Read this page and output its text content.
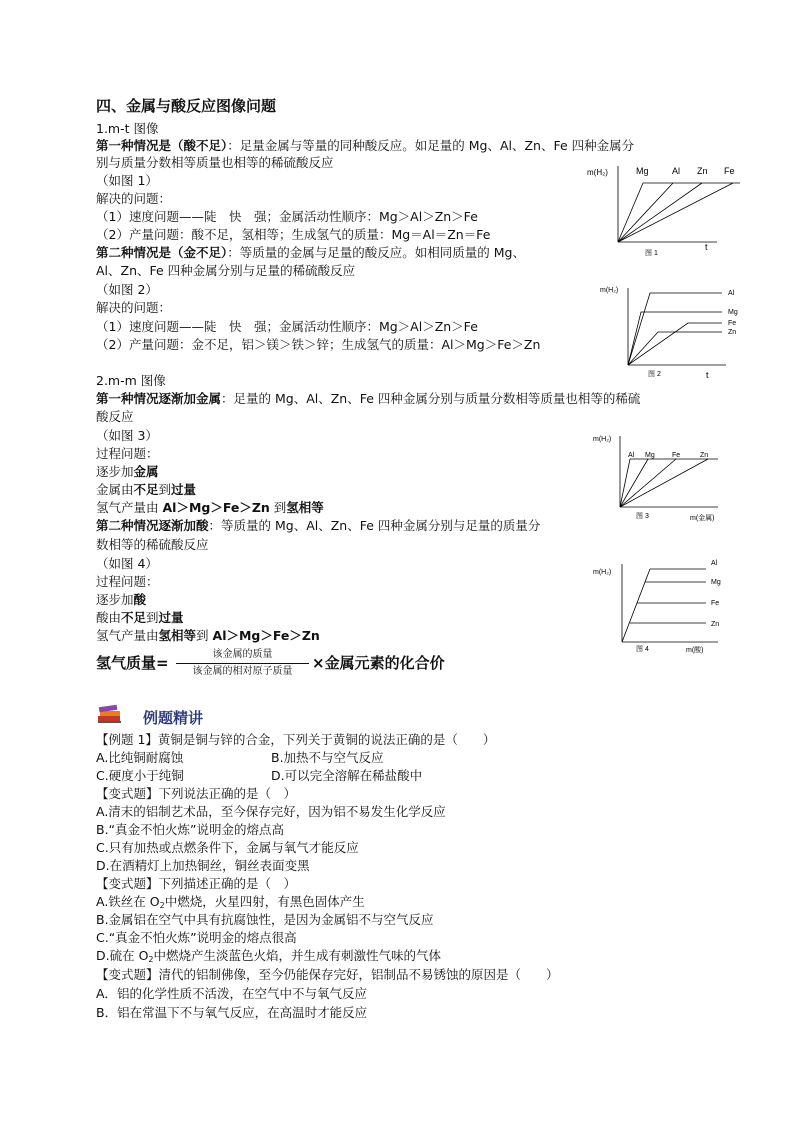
四、金属与酸反应图像问题
1.m-t 图像
第一种情况是（酸不足）：足量金属与等量的同种酸反应。如足量的 Mg、Al、Zn、Fe 四种金属分
别与质量分数相等质量也相等的稀硫酸反应
（如图 1）
解决的问题：
（1）速度问题——陡　快　强；金属活动性顺序：Mg＞Al＞Zn＞Fe
（2）产量问题：酸不足，氢相等；生成氢气的质量：Mg＝Al＝Zn＝Fe
第二种情况是（金不足）：等质量的金属与足量的酸反应。如相同质量的 Mg、
Al、Zn、Fe 四种金属分别与足量的稀硫酸反应
（如图 2）
解决的问题：
（1）速度问题——陡　快　强；金属活动性顺序：Mg＞Al＞Zn＞Fe
（2）产量问题：金不足，铝＞镁＞铁＞锌；生成氢气的质量：Al＞Mg＞Fe＞Zn
2.m-m 图像
第一种情况逐渐加金属：足量的 Mg、Al、Zn、Fe 四种金属分别与质量分数相等质量也相等的稀硫
酸反应
（如图 3）
过程问题：
逐步加金属
金属由不足到过量
氢气产量由 Al＞Mg＞Fe＞Zn 到氢相等
第二种情况逐渐加酸：等质量的 Mg、Al、Zn、Fe 四种金属分别与足量的质量分
数相等的稀硫酸反应
（如图 4）
过程问题：
逐步加酸
酸由不足到过量
氢气产量由氢相等到 Al＞Mg＞Fe＞Zn
氢气质量=	该金属的质量
该金属的相对原子质量	×金属元素的化合价
例题精讲
【例题 1】黄铜是铜与锌的合金，下列关于黄铜的说法正确的是（　　）
A.比纯铜耐腐蚀	B.加热不与空气反应
C.硬度小于纯铜	D.可以完全溶解在稀盐酸中
【变式题】下列说法正确的是（　）
A.清末的铝制艺术品，至今保存完好，因为铝不易发生化学反应
B.“真金不怕火炼”说明金的熔点高
C.只有加热或点燃条件下，金属与氧气才能反应
D.在酒精灯上加热铜丝，铜丝表面变黑
【变式题】下列描述正确的是（　）
A.铁丝在 $O_2$中燃烧，火星四射，有黑色固体产生
B.金属铝在空气中具有抗腐蚀性，是因为金属铝不与空气反应
C.“真金不怕火炼”说明金的熔点很高
D.硫在 $O_2$中燃烧产生淡蓝色火焰，并生成有刺激性气味的气体
【变式题】清代的铝制佛像，至今仍能保存完好，铝制品不易锈蚀的原因是（　　）
A．铝的化学性质不活泼，在空气中不与氧气反应
B．铝在常温下不与氧气反应，在高温时才能反应
m(H₂)	Mg	Al Zn Fe
t
图 1
m(H₂)	Al
Mg
Fe
Zn
t
图 2
m(H₂)
Al Mg Fe	Zn
m(金属)
图 3
m(H₂)
Al
Mg
Fe
Zn
m(酸)
图 4
